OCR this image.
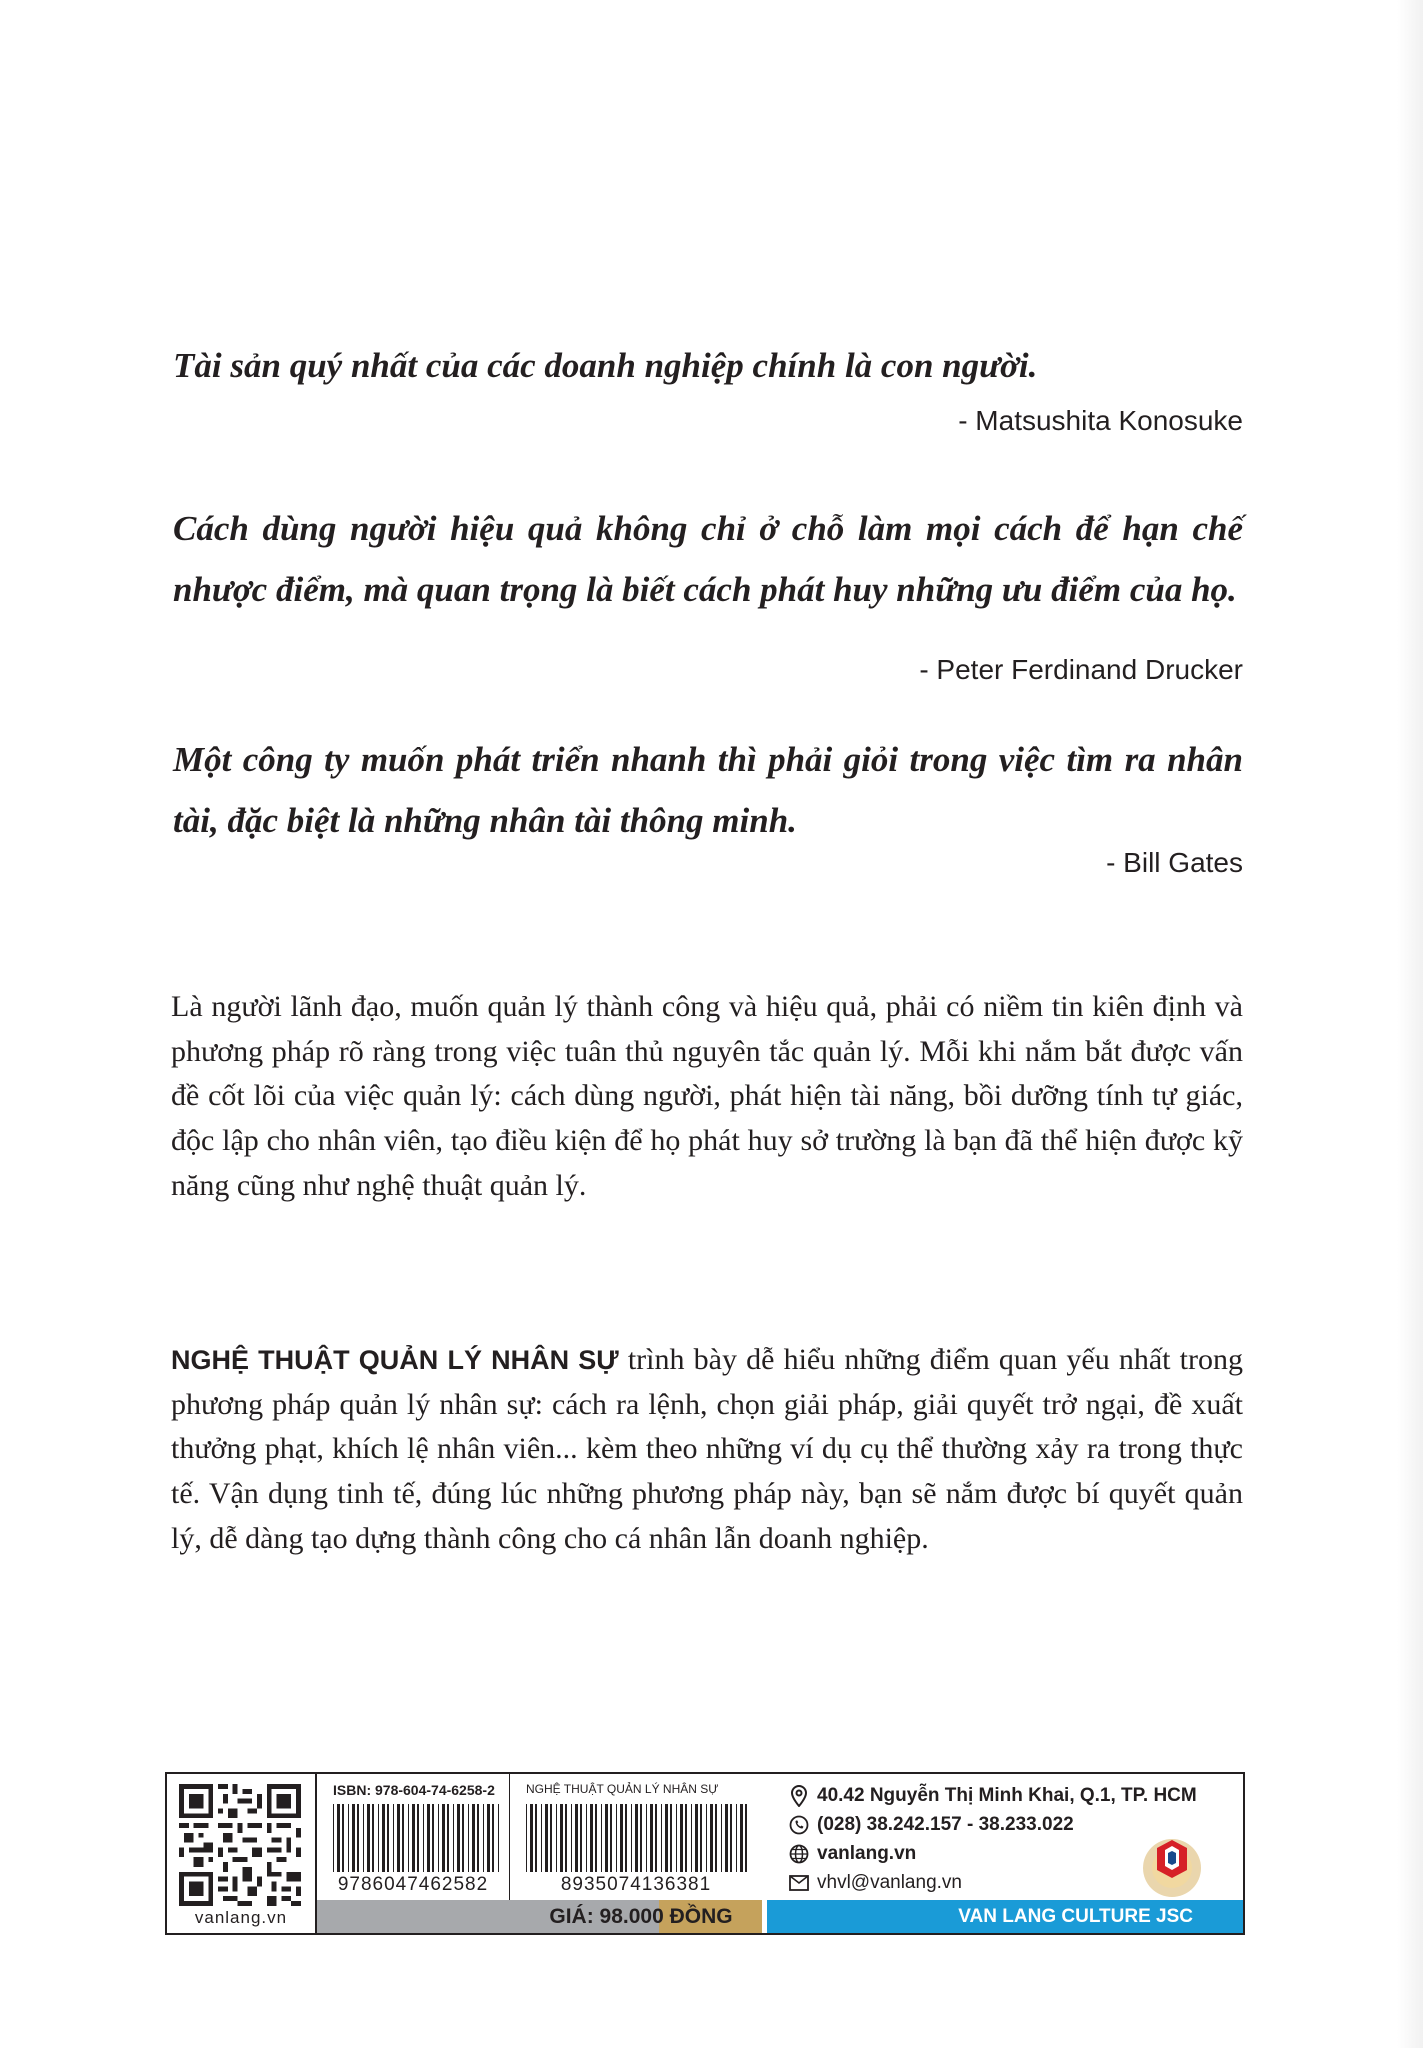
Tài sản quý nhất của các doanh nghiệp chính là con người.
- Matsushita Konosuke
Cách dùng người hiệu quả không chỉ ở chỗ làm mọi cách để hạn chế nhược điểm, mà quan trọng là biết cách phát huy những ưu điểm của họ.
- Peter Ferdinand Drucker
Một công ty muốn phát triển nhanh thì phải giỏi trong việc tìm ra nhân tài, đặc biệt là những nhân tài thông minh.
- Bill Gates
Là người lãnh đạo, muốn quản lý thành công và hiệu quả, phải có niềm tin kiên định và phương pháp rõ ràng trong việc tuân thủ nguyên tắc quản lý. Mỗi khi nắm bắt được vấn đề cốt lõi của việc quản lý: cách dùng người, phát hiện tài năng, bồi dưỡng tính tự giác, độc lập cho nhân viên, tạo điều kiện để họ phát huy sở trường là bạn đã thể hiện được kỹ năng cũng như nghệ thuật quản lý.
NGHỆ THUẬT QUẢN LÝ NHÂN SỰ trình bày dễ hiểu những điểm quan yếu nhất trong phương pháp quản lý nhân sự: cách ra lệnh, chọn giải pháp, giải quyết trở ngại, đề xuất thưởng phạt, khích lệ nhân viên... kèm theo những ví dụ cụ thể thường xảy ra trong thực tế. Vận dụng tinh tế, đúng lúc những phương pháp này, bạn sẽ nắm được bí quyết quản lý, dễ dàng tạo dựng thành công cho cá nhân lẫn doanh nghiệp.
vanlang.vn
ISBN: 978-604-74-6258-2
9786047462582
NGHỆ THUẬT QUẢN LÝ NHÂN SỰ
8935074136381
GIÁ: 98.000 ĐỒNG
40.42 Nguyễn Thị Minh Khai, Q.1, TP. HCM
(028) 38.242.157 - 38.233.022
vanlang.vn
vhvl@vanlang.vn
VAN LANG CULTURE JSC
